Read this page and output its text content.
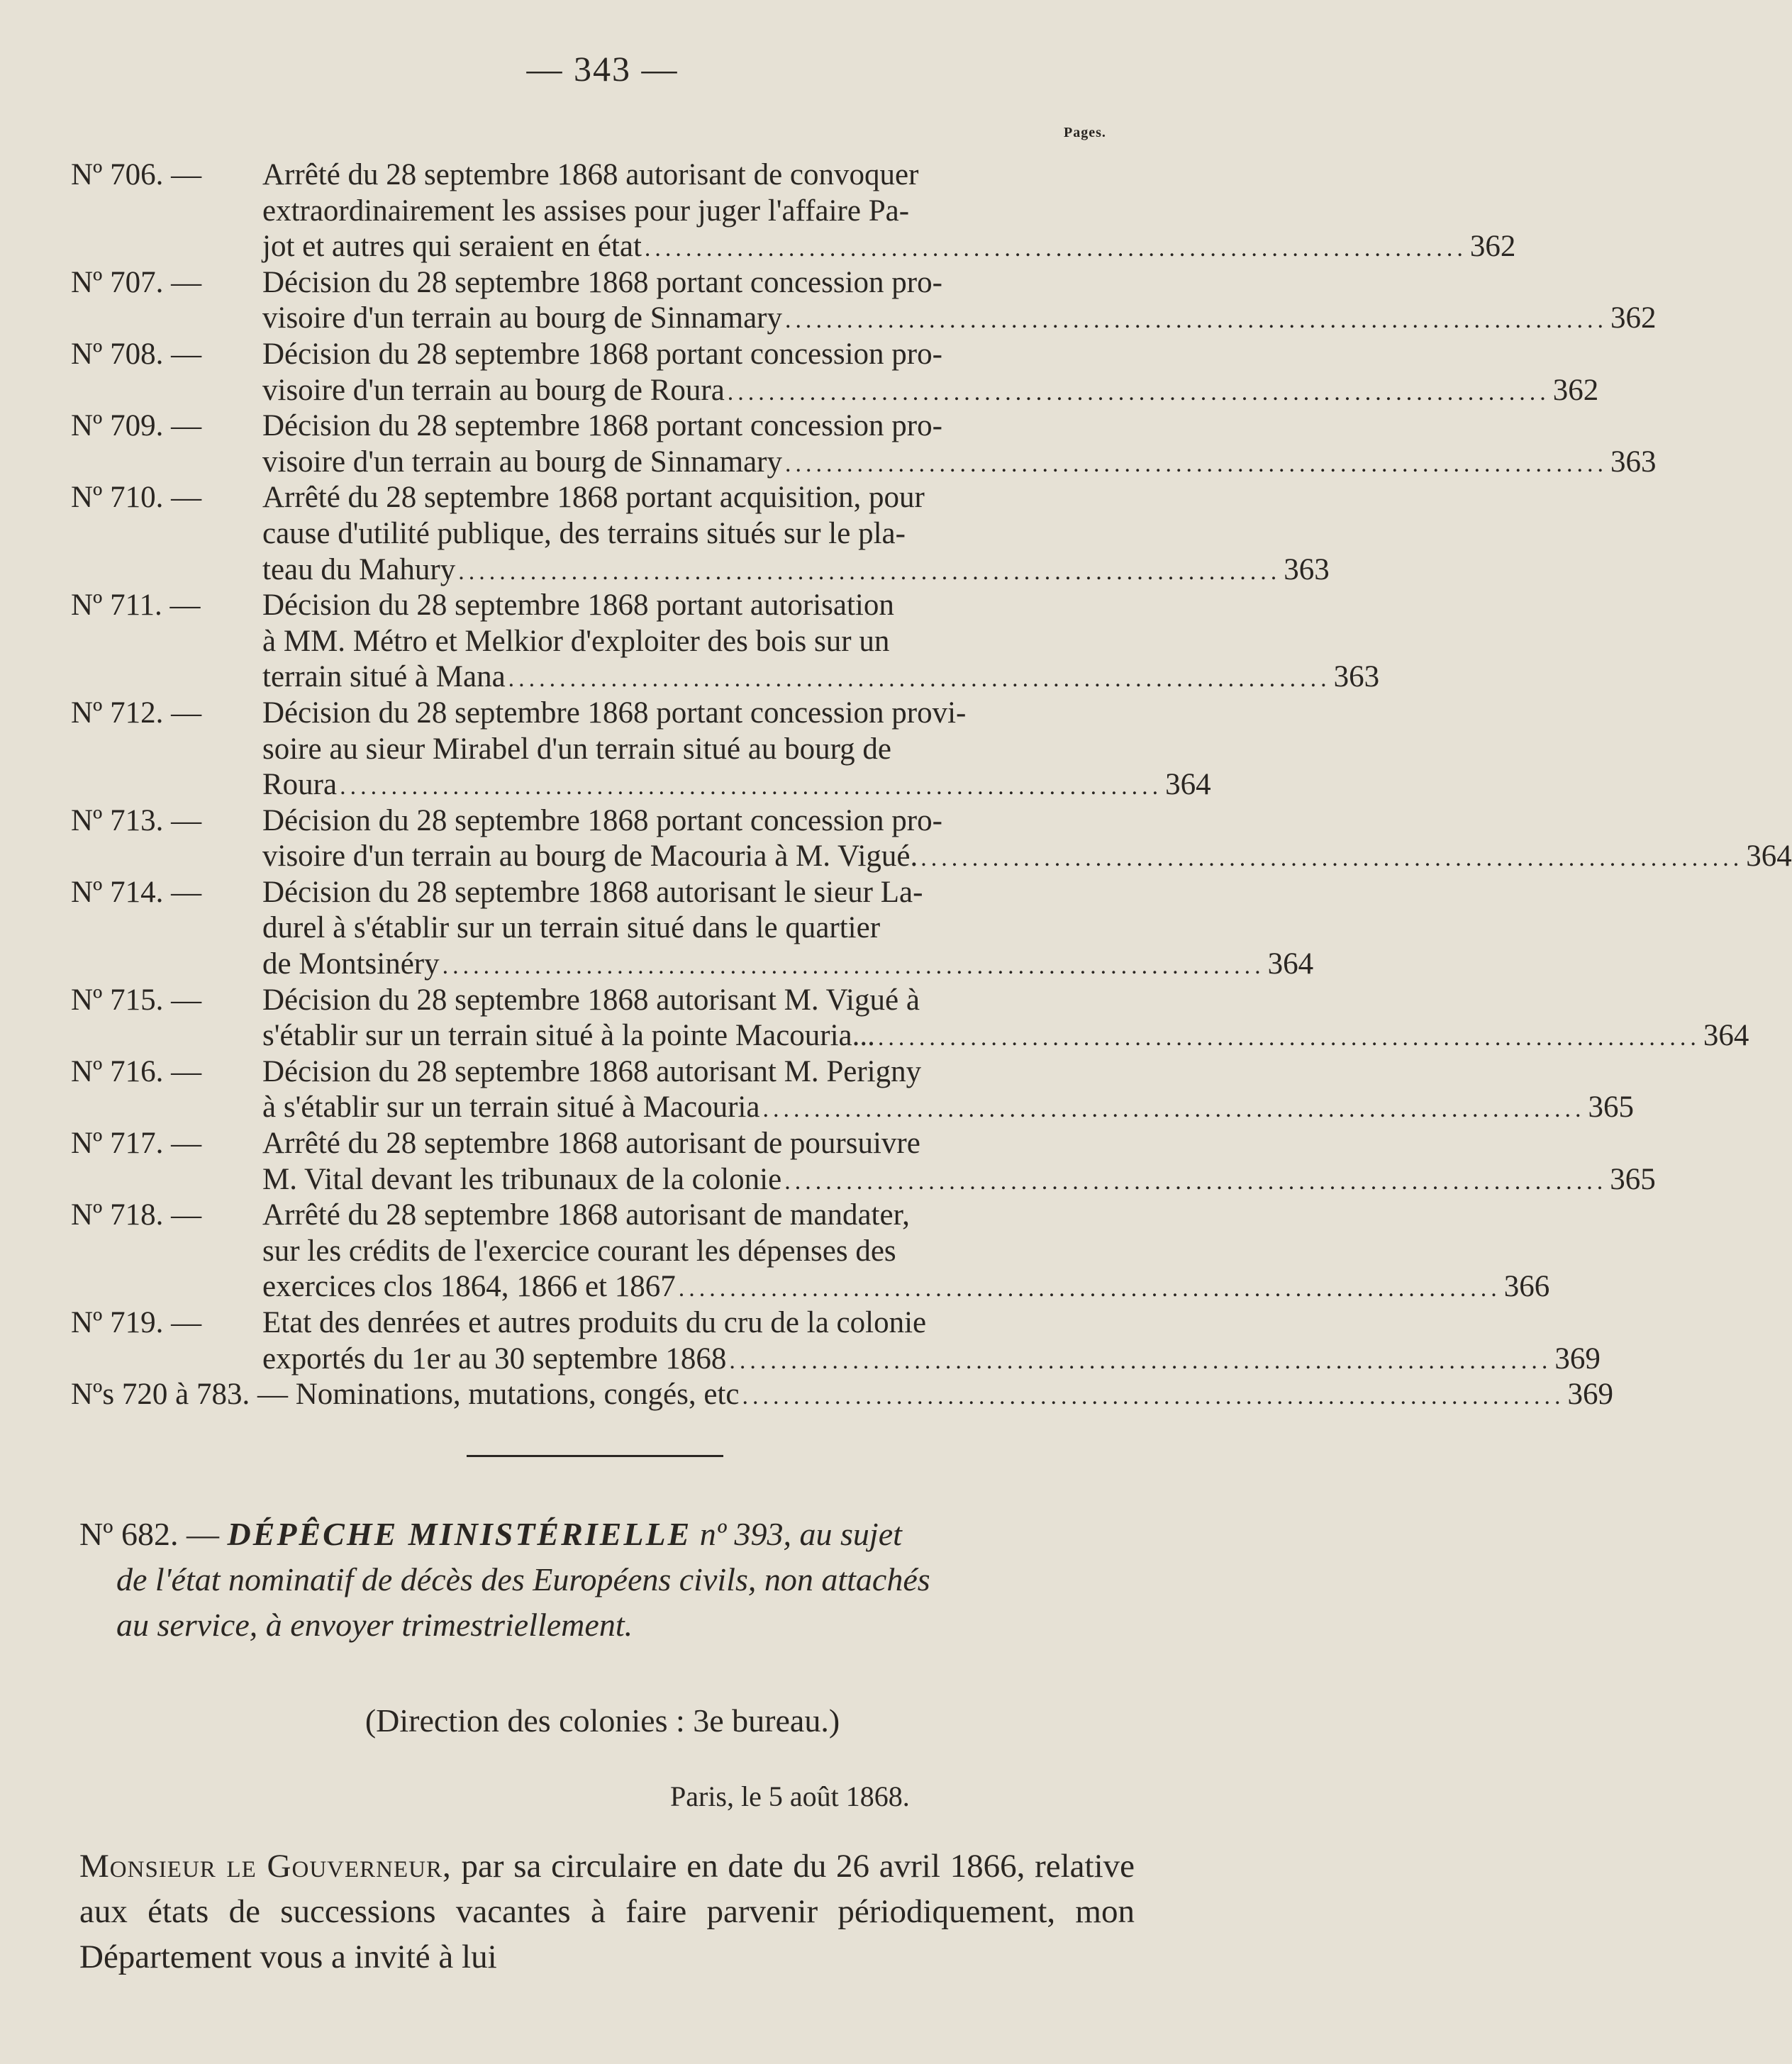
— 343 —
Pages.
Nº 706. — Arrêté du 28 septembre 1868 autorisant de convoquer
extraordinairement les assises pour juger l'affaire Pa-
jot et autres qui seraient en état ................................................................................ 362
Nº 707. — Décision du 28 septembre 1868 portant concession pro-
visoire d'un terrain au bourg de Sinnamary ................................................................................ 362
Nº 708. — Décision du 28 septembre 1868 portant concession pro-
visoire d'un terrain au bourg de Roura ................................................................................ 362
Nº 709. — Décision du 28 septembre 1868 portant concession pro-
visoire d'un terrain au bourg de Sinnamary ................................................................................ 363
Nº 710. — Arrêté du 28 septembre 1868 portant acquisition, pour
cause d'utilité publique, des terrains situés sur le pla-
teau du Mahury ................................................................................ 363
Nº 711. — Décision du 28 septembre 1868 portant autorisation
à MM. Métro et Melkior d'exploiter des bois sur un
terrain situé à Mana ................................................................................ 363
Nº 712. — Décision du 28 septembre 1868 portant concession provi-
soire au sieur Mirabel d'un terrain situé au bourg de
Roura ................................................................................ 364
Nº 713. — Décision du 28 septembre 1868 portant concession pro-
visoire d'un terrain au bourg de Macouria à M. Vigué. ................................................................................ 364
Nº 714. — Décision du 28 septembre 1868 autorisant le sieur La-
durel à s'établir sur un terrain situé dans le quartier
de Montsinéry ................................................................................ 364
Nº 715. — Décision du 28 septembre 1868 autorisant M. Vigué à
s'établir sur un terrain situé à la pointe Macouria... ................................................................................ 364
Nº 716. — Décision du 28 septembre 1868 autorisant M. Perigny
à s'établir sur un terrain situé à Macouria ................................................................................ 365
Nº 717. — Arrêté du 28 septembre 1868 autorisant de poursuivre
M. Vital devant les tribunaux de la colonie ................................................................................ 365
Nº 718. — Arrêté du 28 septembre 1868 autorisant de mandater,
sur les crédits de l'exercice courant les dépenses des
exercices clos 1864, 1866 et 1867 ................................................................................ 366
Nº 719. — Etat des denrées et autres produits du cru de la colonie
exportés du 1er au 30 septembre 1868 ................................................................................ 369
Nºs 720 à 783. — Nominations, mutations, congés, etc ................................................................................ 369
Nº 682. — DÉPÊCHE MINISTÉRIELLE nº 393, au sujet
de l'état nominatif de décès des Européens civils, non attachés
au service, à envoyer trimestriellement.
(Direction des colonies : 3e bureau.)
Paris, le 5 août 1868.
Monsieur le Gouverneur, par sa circulaire en date du 26 avril 1866, relative aux états de successions vacantes à faire parvenir périodiquement, mon Département vous a invité à lui
